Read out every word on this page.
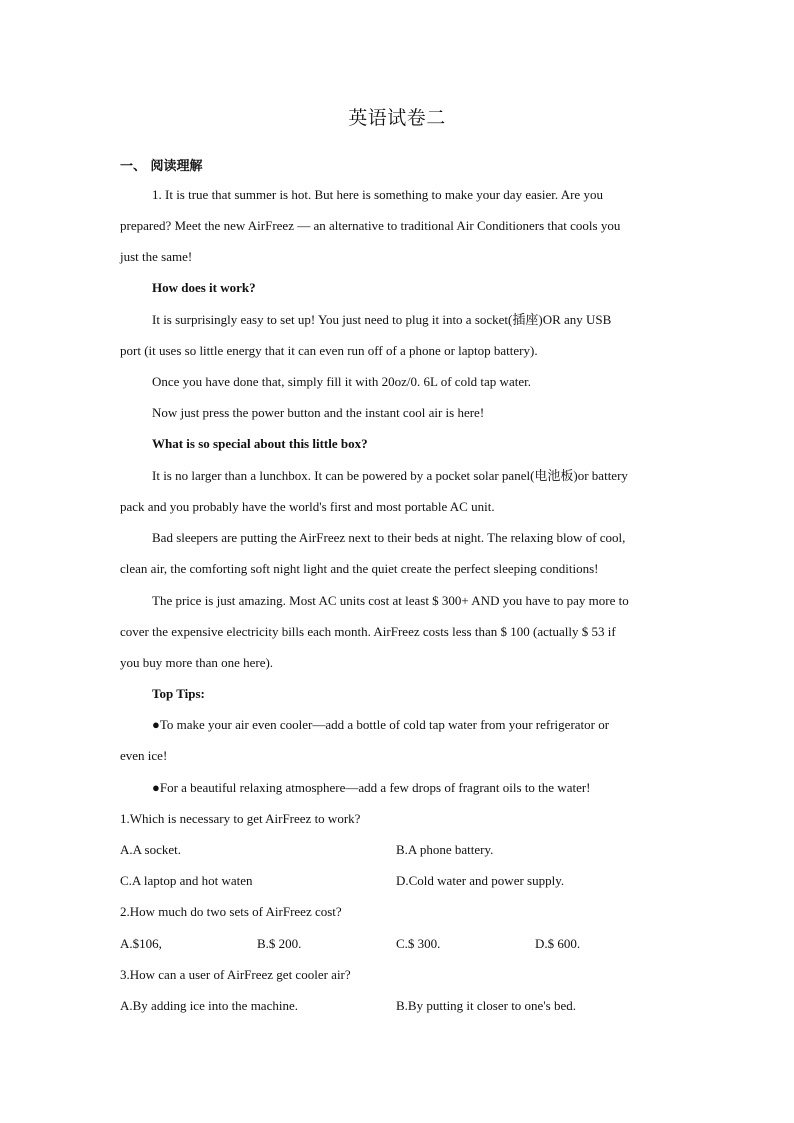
英语试卷二
一、 阅读理解
1. It is true that summer is hot. But here is something to make your day easier. Are you
prepared? Meet the new AirFreez — an alternative to traditional Air Conditioners that cools you
just the same!
How does it work?
It is surprisingly easy to set up! You just need to plug it into a socket(插座)OR any USB
port (it uses so little energy that it can even run off of a phone or laptop battery).
Once you have done that, simply fill it with 20oz/0. 6L of cold tap water.
Now just press the power button and the instant cool air is here!
What is so special about this little box?
It is no larger than a lunchbox. It can be powered by a pocket solar panel(电池板)or battery
pack and you probably have the world's first and most portable AC unit.
Bad sleepers are putting the AirFreez next to their beds at night. The relaxing blow of cool,
clean air, the comforting soft night light and the quiet create the perfect sleeping conditions!
The price is just amazing. Most AC units cost at least $ 300+ AND you have to pay more to
cover the expensive electricity bills each month. AirFreez costs less than $ 100 (actually $ 53 if
you buy more than one here).
Top Tips:
●To make your air even cooler—add a bottle of cold tap water from your refrigerator or
even ice!
●For a beautiful relaxing atmosphere—add a few drops of fragrant oils to the water!
1.Which is necessary to get AirFreez to work?
A.A socket.	B.A phone battery.
C.A laptop and hot waten	D.Cold water and power supply.
2.How much do two sets of AirFreez cost?
A.$106,	B.$ 200.	C.$ 300.	D.$ 600.
3.How can a user of AirFreez get cooler air?
A.By adding ice into the machine.	B.By putting it closer to one's bed.
